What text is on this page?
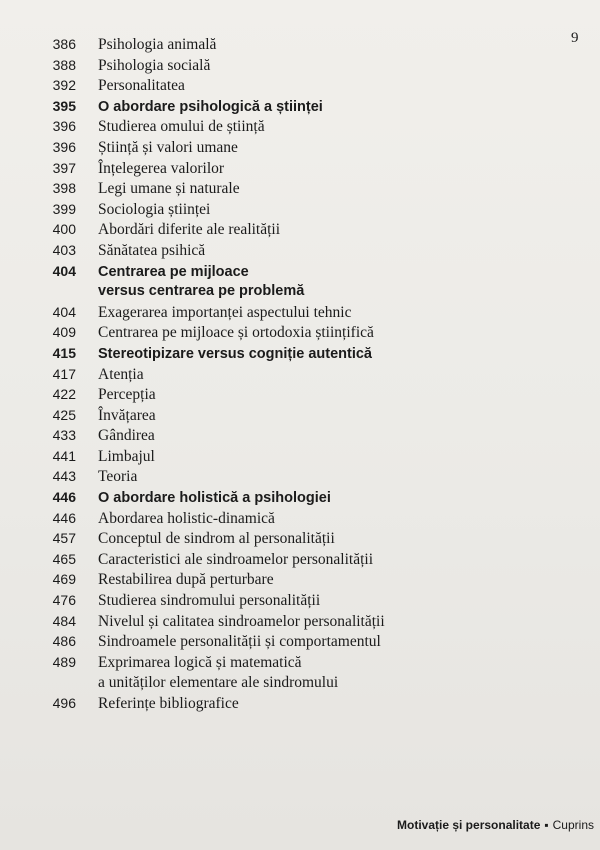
9
386	Psihologia animală
388	Psihologia socială
392	Personalitatea
395	O abordare psihologică a științei
396	Studierea omului de știință
396	Știință și valori umane
397	Înțelegerea valorilor
398	Legi umane și naturale
399	Sociologia științei
400	Abordări diferite ale realității
403	Sănătatea psihică
404	Centrarea pe mijloace
versus centrarea pe problemă
404	Exagerarea importanței aspectului tehnic
409	Centrarea pe mijloace și ortodoxia științifică
415	Stereotipizare versus cogniție autentică
417	Atenția
422	Percepția
425	Învățarea
433	Gândirea
441	Limbajul
443	Teoria
446	O abordare holistică a psihologiei
446	Abordarea holistic-dinamică
457	Conceptul de sindrom al personalității
465	Caracteristici ale sindroamelor personalității
469	Restabilirea după perturbare
476	Studierea sindromului personalității
484	Nivelul și calitatea sindroamelor personalității
486	Sindroamele personalității și comportamentul
489	Exprimarea logică și matematică
a unităților elementare ale sindromului
496	Referințe bibliografice
Motivație și personalitate ▪ Cuprins
